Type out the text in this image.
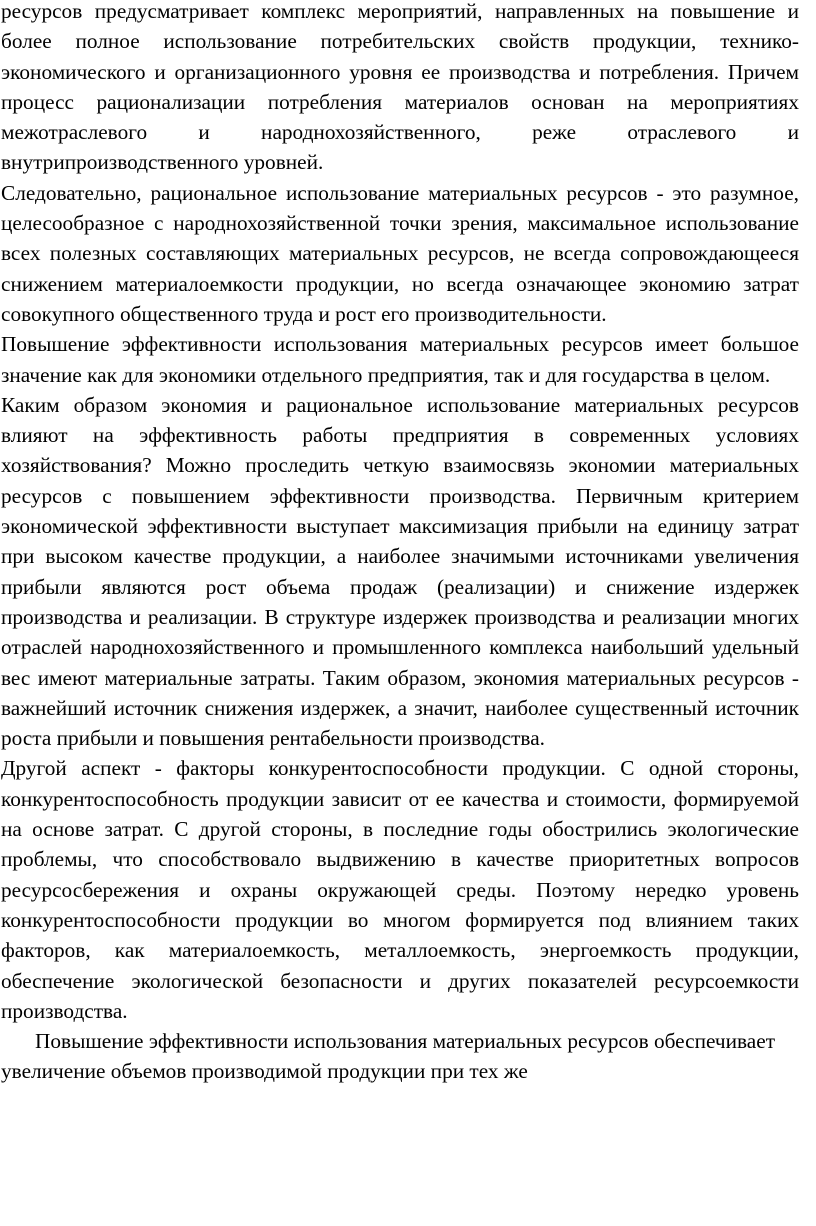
ресурсов предусматривает комплекс мероприятий, направленных на повышение и более полное использование потребительских свойств продукции, технико-экономического и организационного уровня ее производства и потребления. Причем процесс рационализации потребления материалов основан на мероприятиях межотраслевого и народнохозяйственного, реже отраслевого и внутрипроизводственного уровней.

Следовательно, рациональное использование материальных ресурсов - это разумное, целесообразное с народнохозяйственной точки зрения, максимальное использование всех полезных составляющих материальных ресурсов, не всегда сопровождающееся снижением материалоемкости продукции, но всегда означающее экономию затрат совокупного общественного труда и рост его производительности.

Повышение эффективности использования материальных ресурсов имеет большое значение как для экономики отдельного предприятия, так и для государства в целом.

Каким образом экономия и рациональное использование материальных ресурсов влияют на эффективность работы предприятия в современных условиях хозяйствования? Можно проследить четкую взаимосвязь экономии материальных ресурсов с повышением эффективности производства. Первичным критерием экономической эффективности выступает максимизация прибыли на единицу затрат при высоком качестве продукции, а наиболее значимыми источниками увеличения прибыли являются рост объема продаж (реализации) и снижение издержек производства и реализации. В структуре издержек производства и реализации многих отраслей народнохозяйственного и промышленного комплекса наибольший удельный вес имеют материальные затраты. Таким образом, экономия материальных ресурсов - важнейший источник снижения издержек, а значит, наиболее существенный источник роста прибыли и повышения рентабельности производства.

Другой аспект - факторы конкурентоспособности продукции. С одной стороны, конкурентоспособность продукции зависит от ее качества и стоимости, формируемой на основе затрат. С другой стороны, в последние годы обострились экологические проблемы, что способствовало выдвижению в качестве приоритетных вопросов ресурсосбережения и охраны окружающей среды. Поэтому нередко уровень конкурентоспособности продукции во многом формируется под влиянием таких факторов, как материалоемкость, металлоемкость, энергоемкость продукции, обеспечение экологической безопасности и других показателей ресурсоемкости производства.

Повышение эффективности использования материальных ресурсов обеспечивает увеличение объемов производимой продукции при тех же
